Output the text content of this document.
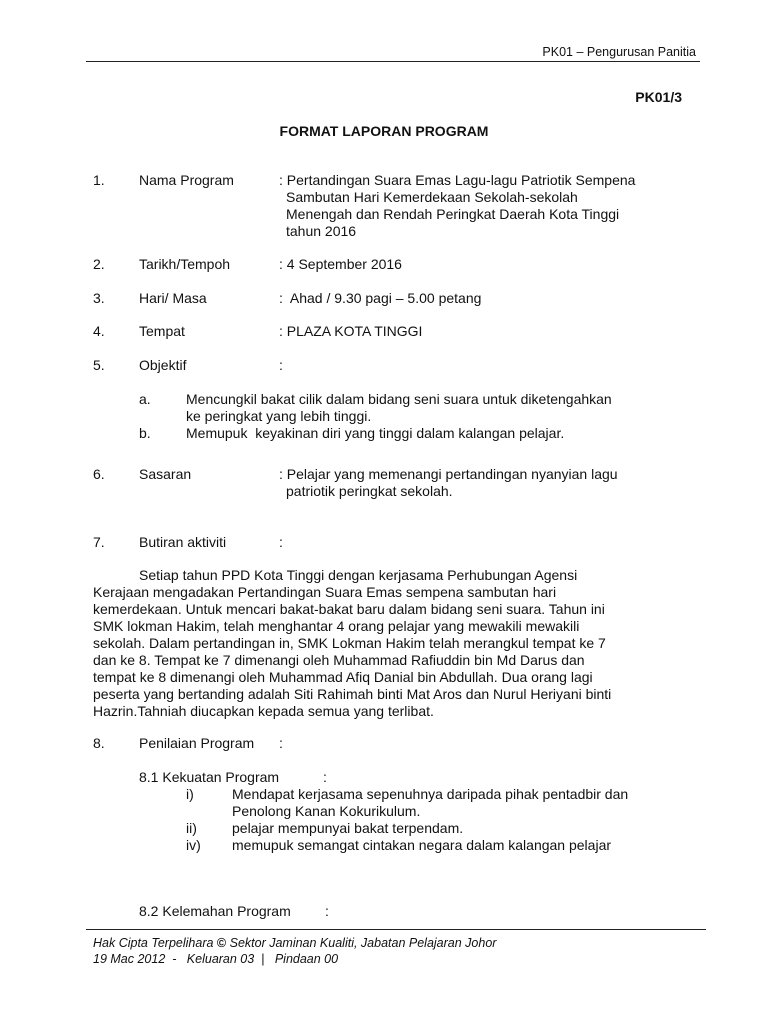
PK01 – Pengurusan Panitia
PK01/3
FORMAT LAPORAN PROGRAM
1. Nama Program	: Pertandingan Suara Emas Lagu-lagu Patriotik Sempena
Sambutan Hari Kemerdekaan Sekolah-sekolah
Menengah dan Rendah Peringkat Daerah Kota Tinggi
tahun 2016
2. Tarikh/Tempoh	: 4 September 2016
3. Hari/ Masa	:  Ahad / 9.30 pagi – 5.00 petang
4. Tempat	: PLAZA KOTA TINGGI
5. Objektif	:
a.	Mencungkil bakat cilik dalam bidang seni suara untuk diketengahkan
ke peringkat yang lebih tinggi.
b.	Memupuk  keyakinan diri yang tinggi dalam kalangan pelajar.
6. Sasaran	: Pelajar yang memenangi pertandingan nyanyian lagu
patriotik peringkat sekolah.
7. Butiran aktiviti	:
Setiap tahun PPD Kota Tinggi dengan kerjasama Perhubungan Agensi
Kerajaan mengadakan Pertandingan Suara Emas sempena sambutan hari
kemerdekaan. Untuk mencari bakat-bakat baru dalam bidang seni suara. Tahun ini
SMK lokman Hakim, telah menghantar 4 orang pelajar yang mewakili mewakili
sekolah. Dalam pertandingan in, SMK Lokman Hakim telah merangkul tempat ke 7
dan ke 8. Tempat ke 7 dimenangi oleh Muhammad Rafiuddin bin Md Darus dan
tempat ke 8 dimenangi oleh Muhammad Afiq Danial bin Abdullah. Dua orang lagi
peserta yang bertanding adalah Siti Rahimah binti Mat Aros dan Nurul Heriyani binti
Hazrin.Tahniah diucapkan kepada semua yang terlibat.
8. Penilaian Program :
8.1 Kekuatan Program	:
i)	Mendapat kerjasama sepenuhnya daripada pihak pentadbir dan
Penolong Kanan Kokurikulum.
ii)	pelajar mempunyai bakat terpendam.
iv) memupuk semangat cintakan negara dalam kalangan pelajar
8.2 Kelemahan Program :
Hak Cipta Terpelihara © Sektor Jaminan Kualiti, Jabatan Pelajaran Johor
19 Mac 2012  -   Keluaran 03  |   Pindaan 00
